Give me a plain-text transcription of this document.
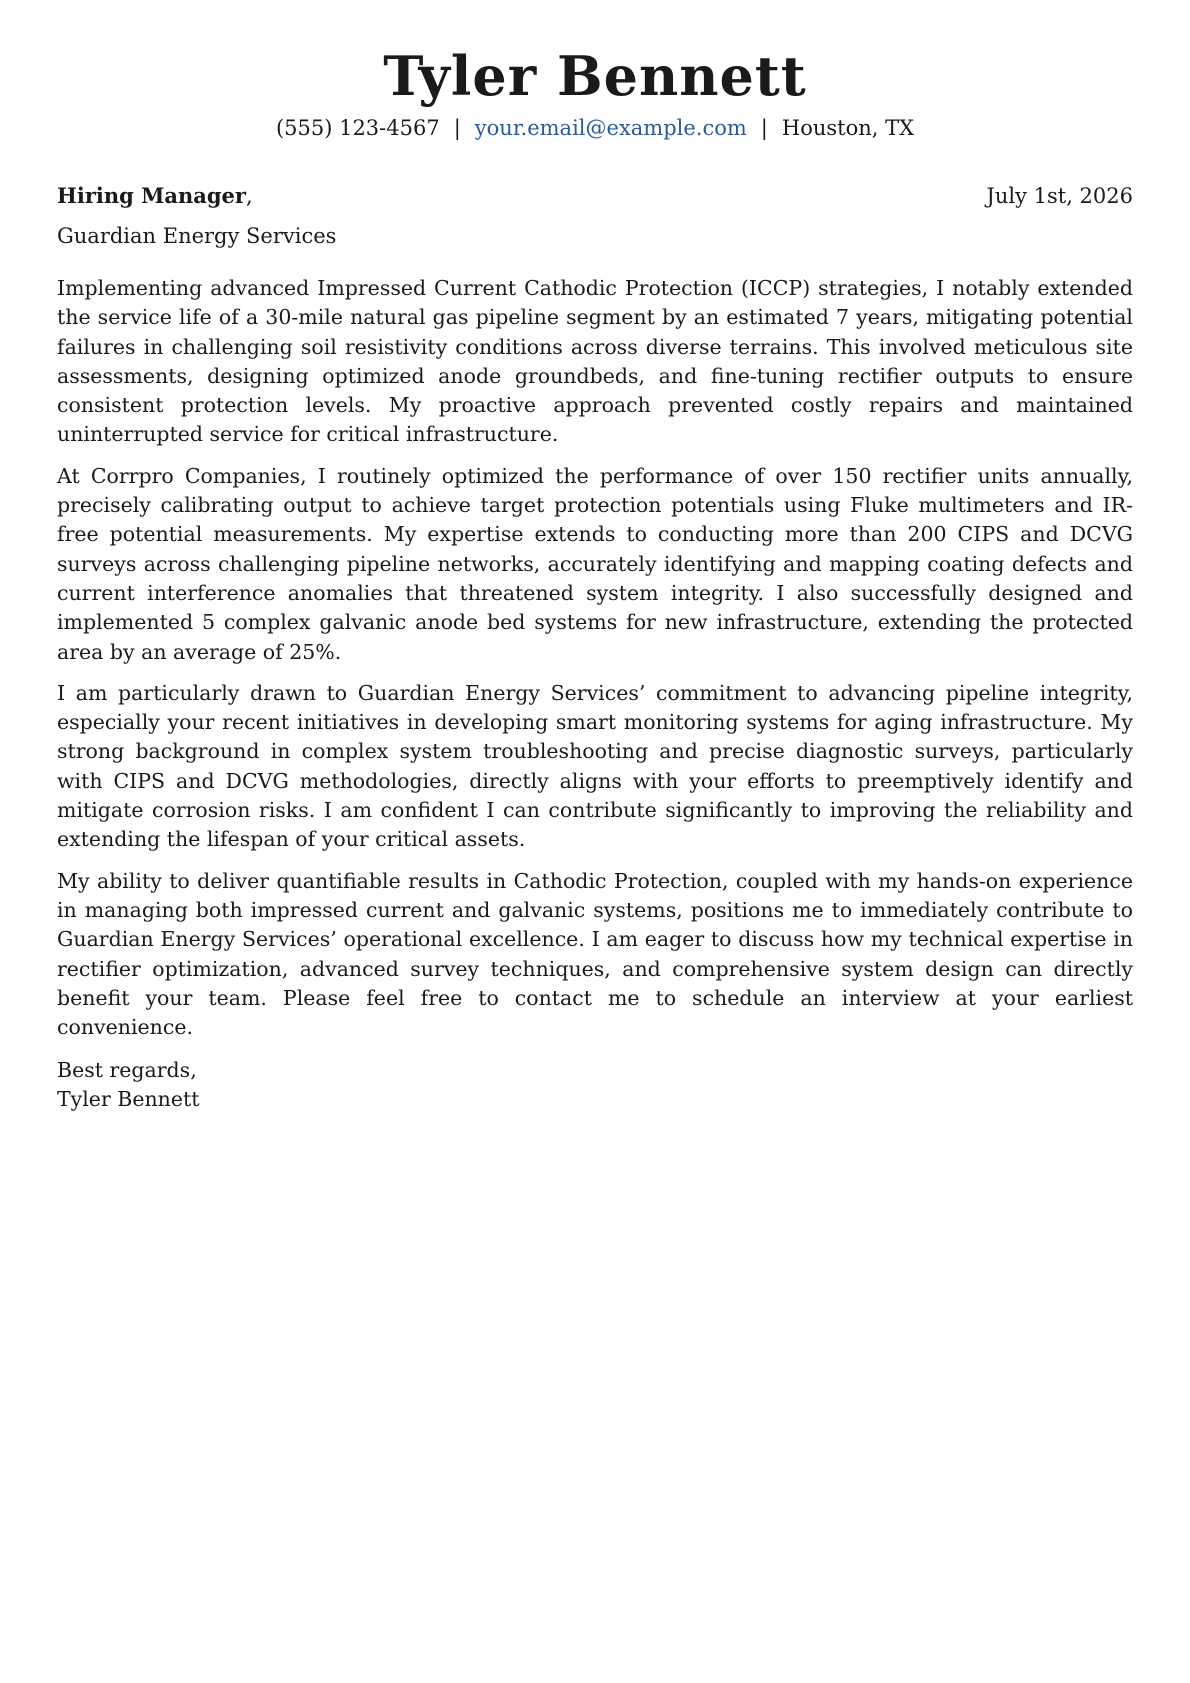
Tyler Bennett
(555) 123-4567 | your.email@example.com | Houston, TX
Hiring Manager,	July 1st, 2026
Guardian Energy Services

Implementing advanced Impressed Current Cathodic Protection (ICCP) strategies, I notably extended the service life of a 30-mile natural gas pipeline segment by an estimated 7 years, mitigating potential failures in challenging soil resistivity conditions across diverse terrains. This involved meticulous site assessments, designing optimized anode groundbeds, and fine-tuning rectifier outputs to ensure consistent protection levels. My proactive approach prevented costly repairs and maintained uninterrupted service for critical infrastructure.

At Corrpro Companies, I routinely optimized the performance of over 150 rectifier units annually, precisely calibrating output to achieve target protection potentials using Fluke multimeters and IR-free potential measurements. My expertise extends to conducting more than 200 CIPS and DCVG surveys across challenging pipeline networks, accurately identifying and mapping coating defects and current interference anomalies that threatened system integrity. I also successfully designed and implemented 5 complex galvanic anode bed systems for new infrastructure, extending the protected area by an average of 25%.

I am particularly drawn to Guardian Energy Services’ commitment to advancing pipeline integrity, especially your recent initiatives in developing smart monitoring systems for aging infrastructure. My strong background in complex system troubleshooting and precise diagnostic surveys, particularly with CIPS and DCVG methodologies, directly aligns with your efforts to preemptively identify and mitigate corrosion risks. I am confident I can contribute significantly to improving the reliability and extending the lifespan of your critical assets.

My ability to deliver quantifiable results in Cathodic Protection, coupled with my hands-on experience in managing both impressed current and galvanic systems, positions me to immediately contribute to Guardian Energy Services’ operational excellence. I am eager to discuss how my technical expertise in rectifier optimization, advanced survey techniques, and comprehensive system design can directly benefit your team. Please feel free to contact me to schedule an interview at your earliest convenience.

Best regards,
Tyler Bennett
